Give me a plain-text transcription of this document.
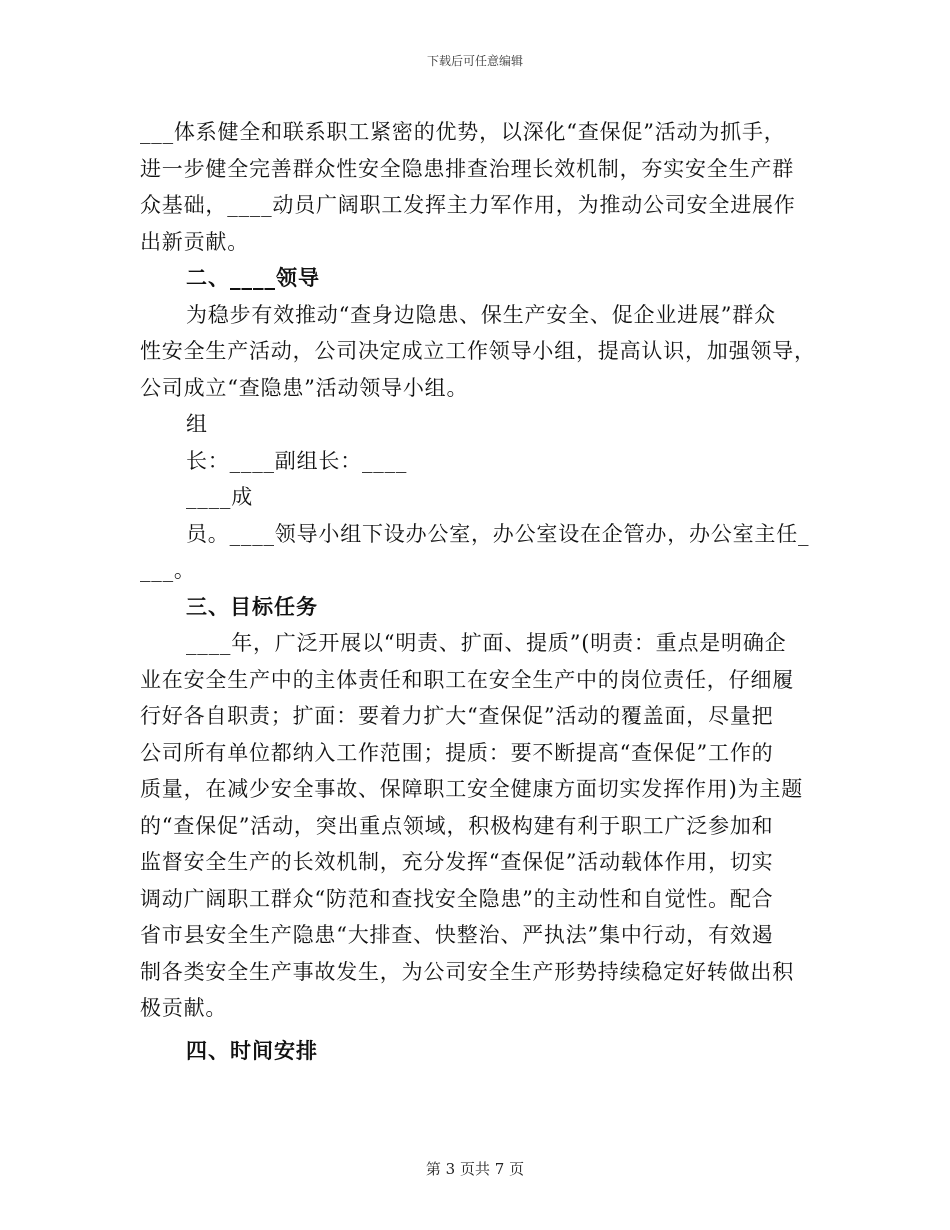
下载后可任意编辑
___体系健全和联系职工紧密的优势，以深化“查保促”活动为抓手，
进一步健全完善群众性安全隐患排查治理长效机制，夯实安全生产群
众基础，____动员广阔职工发挥主力军作用，为推动公司安全进展作
出新贡献。
二、____领导
为稳步有效推动“查身边隐患、保生产安全、促企业进展”群众
性安全生产活动，公司决定成立工作领导小组，提高认识，加强领导，
公司成立“查隐患”活动领导小组。
组
长：____副组长：____
____成
员。____领导小组下设办公室，办公室设在企管办，办公室主任_
___。
三、目标任务
____年，广泛开展以“明责、扩面、提质”(明责：重点是明确企
业在安全生产中的主体责任和职工在安全生产中的岗位责任，仔细履
行好各自职责；扩面：要着力扩大“查保促”活动的覆盖面，尽量把
公司所有单位都纳入工作范围；提质：要不断提高“查保促”工作的
质量，在减少安全事故、保障职工安全健康方面切实发挥作用)为主题
的“查保促”活动，突出重点领域，积极构建有利于职工广泛参加和
监督安全生产的长效机制，充分发挥“查保促”活动载体作用，切实
调动广阔职工群众“防范和查找安全隐患”的主动性和自觉性。配合
省市县安全生产隐患“大排查、快整治、严执法”集中行动，有效遏
制各类安全生产事故发生，为公司安全生产形势持续稳定好转做出积
极贡献。
四、时间安排
第 3 页共 7 页
